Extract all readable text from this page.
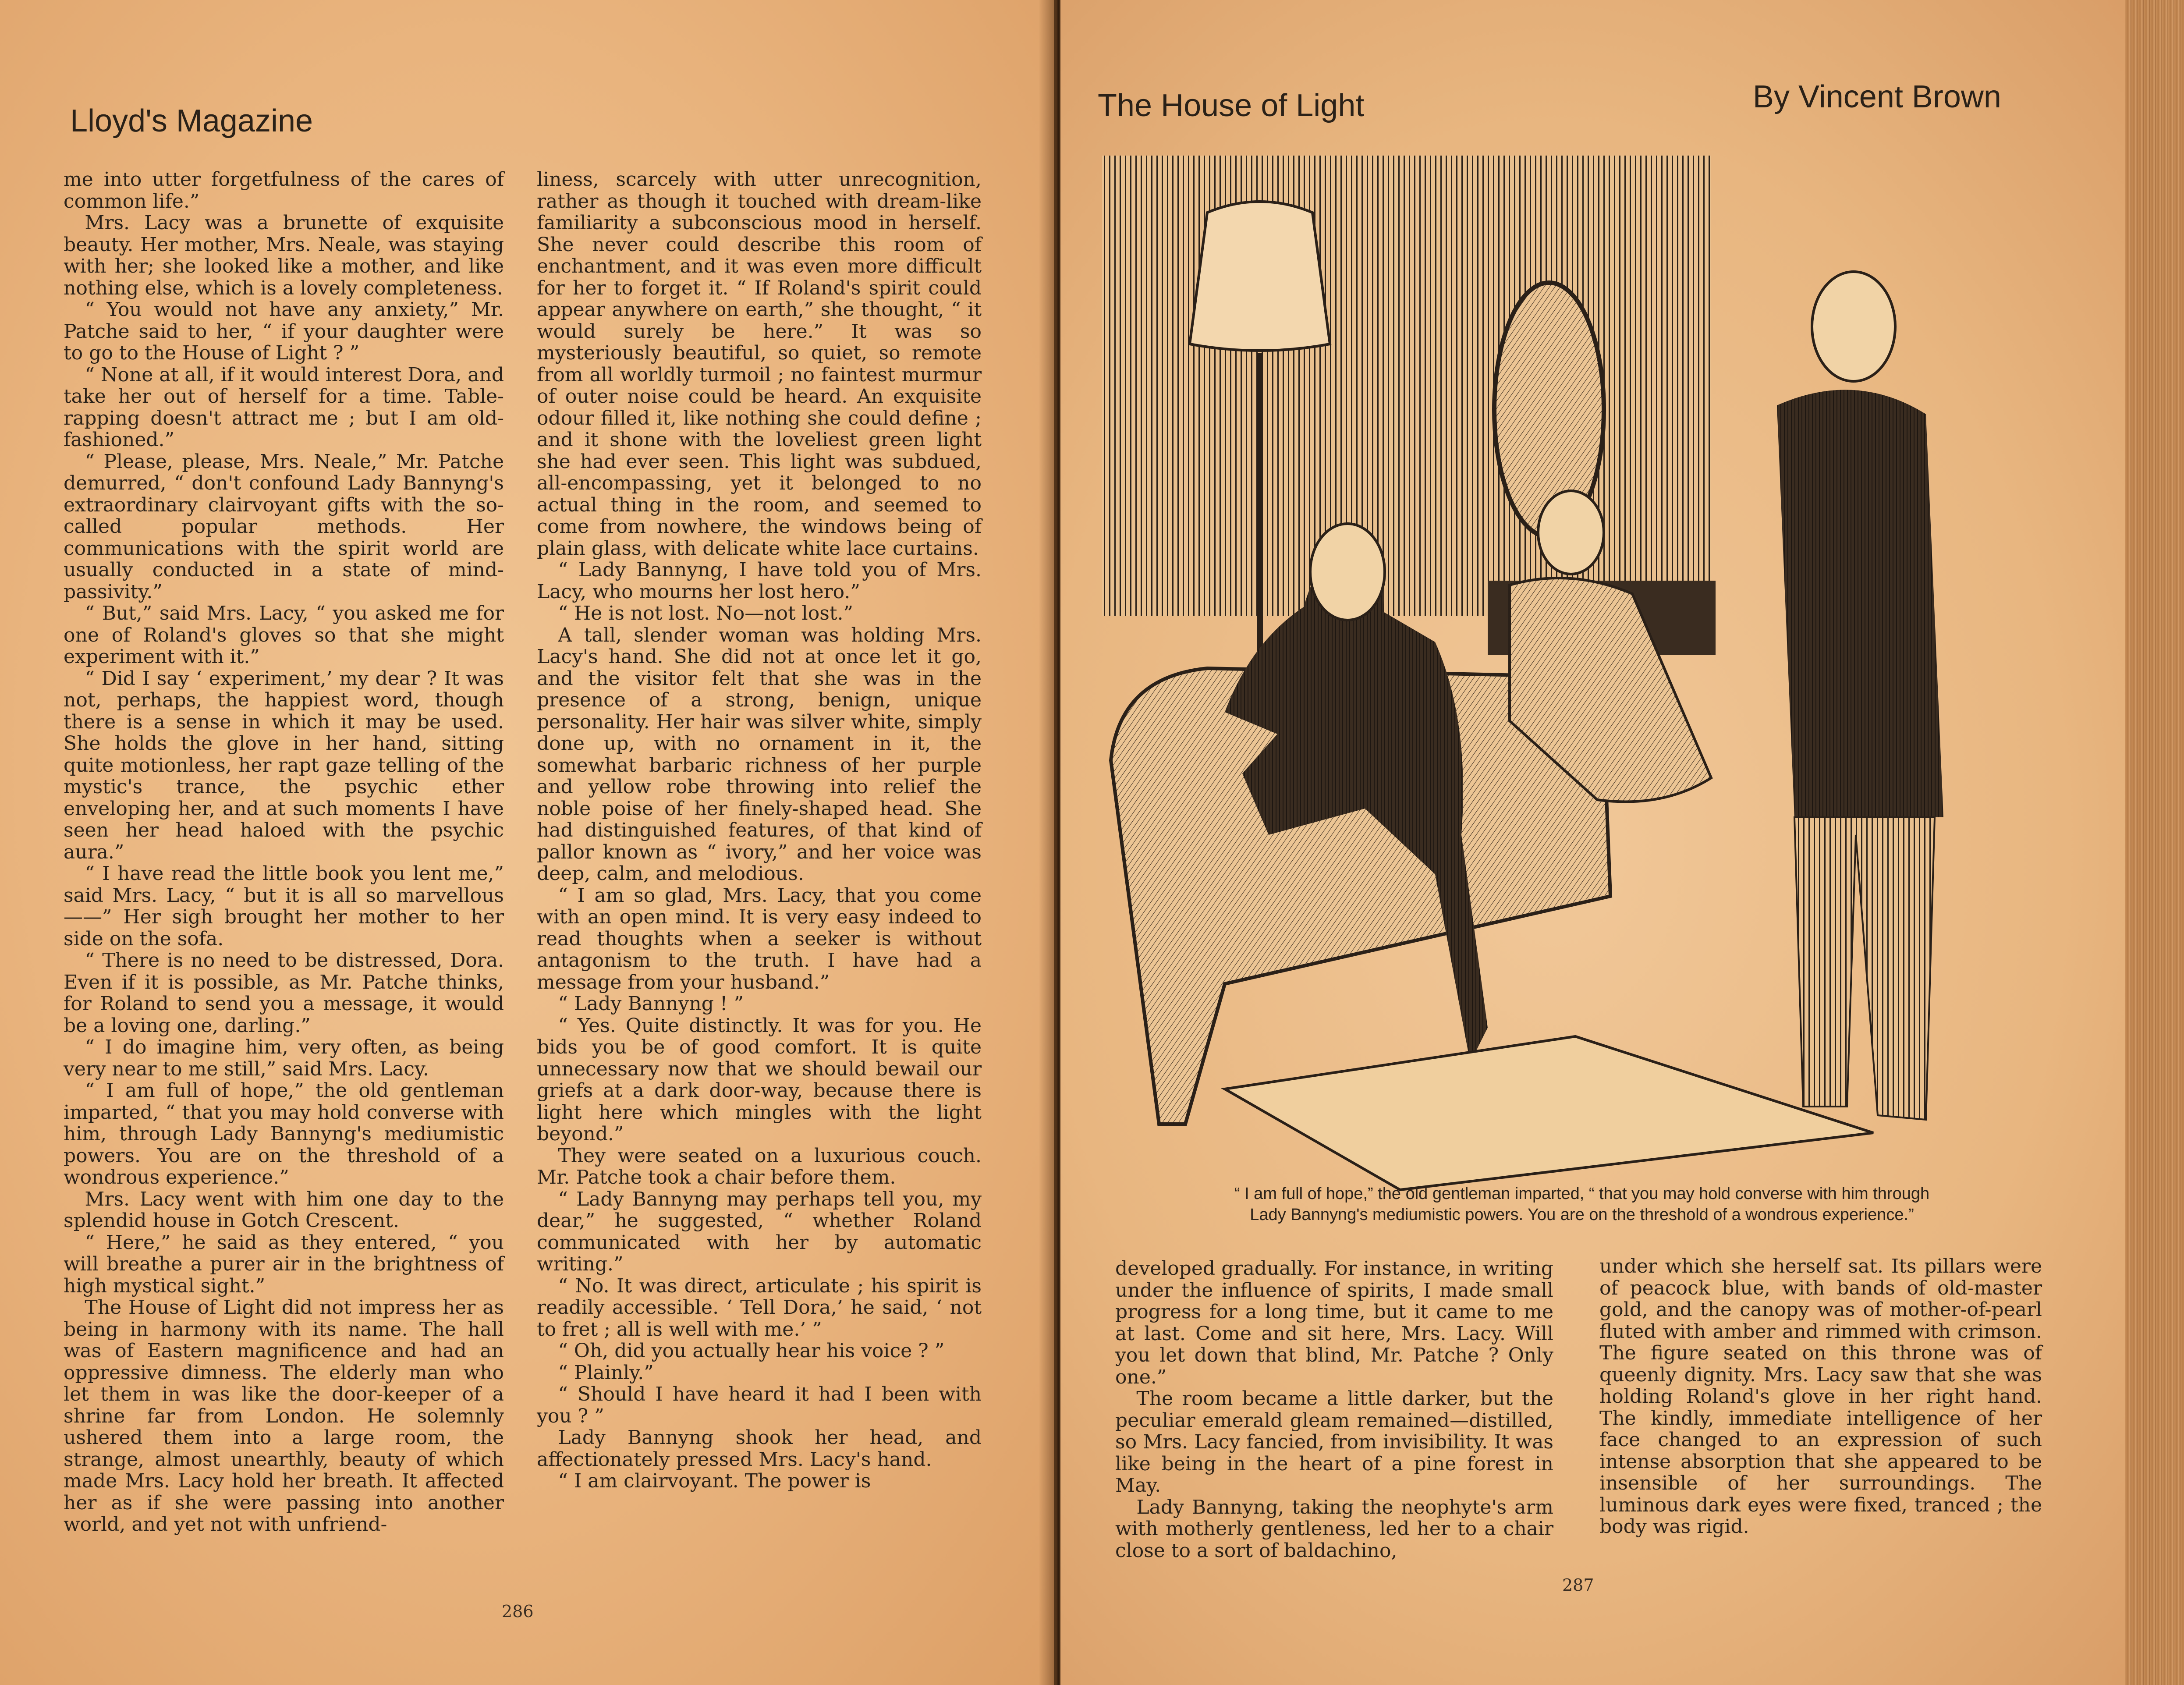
Lloyd's Magazine

me into utter forgetfulness of the cares of common life.”

Mrs. Lacy was a brunette of exquisite beauty. Her mother, Mrs. Neale, was staying with her; she looked like a mother, and like nothing else, which is a lovely completeness.

“ You would not have any anxiety,” Mr. Patche said to her, “ if your daughter were to go to the House of Light ? ”

“ None at all, if it would interest Dora, and take her out of herself for a time. Table-rapping doesn't attract me ; but I am old-fashioned.”

“ Please, please, Mrs. Neale,” Mr. Patche demurred, “ don't confound Lady Bannyng's extraordinary clairvoyant gifts with the so-called popular methods. Her communications with the spirit world are usually conducted in a state of mind-passivity.”

“ But,” said Mrs. Lacy, “ you asked me for one of Roland's gloves so that she might experiment with it.”

“ Did I say ‘ experiment,’ my dear ? It was not, perhaps, the happiest word, though there is a sense in which it may be used. She holds the glove in her hand, sitting quite motionless, her rapt gaze telling of the mystic's trance, the psychic ether enveloping her, and at such moments I have seen her head haloed with the psychic aura.”

“ I have read the little book you lent me,” said Mrs. Lacy, “ but it is all so marvellous——” Her sigh brought her mother to her side on the sofa.

“ There is no need to be distressed, Dora. Even if it is possible, as Mr. Patche thinks, for Roland to send you a message, it would be a loving one, darling.”

“ I do imagine him, very often, as being very near to me still,” said Mrs. Lacy.

“ I am full of hope,” the old gentleman imparted, “ that you may hold converse with him, through Lady Bannyng's mediumistic powers. You are on the threshold of a wondrous experience.”

Mrs. Lacy went with him one day to the splendid house in Gotch Crescent.

“ Here,” he said as they entered, “ you will breathe a purer air in the brightness of high mystical sight.”

The House of Light did not impress her as being in harmony with its name. The hall was of Eastern magnificence and had an oppressive dimness. The elderly man who let them in was like the door-keeper of a shrine far from London. He solemnly ushered them into a large room, the strange, almost unearthly, beauty of which made Mrs. Lacy hold her breath. It affected her as if she were passing into another world, and yet not with unfriend-

liness, scarcely with utter unrecognition, rather as though it touched with dream-like familiarity a subconscious mood in herself. She never could describe this room of enchantment, and it was even more difficult for her to forget it. “ If Roland's spirit could appear anywhere on earth,” she thought, “ it would surely be here.” It was so mysteriously beautiful, so quiet, so remote from all worldly turmoil ; no faintest murmur of outer noise could be heard. An exquisite odour filled it, like nothing she could define ; and it shone with the loveliest green light she had ever seen. This light was subdued, all-encompassing, yet it belonged to no actual thing in the room, and seemed to come from nowhere, the windows being of plain glass, with delicate white lace curtains.

“ Lady Bannyng, I have told you of Mrs. Lacy, who mourns her lost hero.”

“ He is not lost. No—not lost.”

A tall, slender woman was holding Mrs. Lacy's hand. She did not at once let it go, and the visitor felt that she was in the presence of a strong, benign, unique personality. Her hair was silver white, simply done up, with no ornament in it, the somewhat barbaric richness of her purple and yellow robe throwing into relief the noble poise of her finely-shaped head. She had distinguished features, of that kind of pallor known as “ ivory,” and her voice was deep, calm, and melodious.

“ I am so glad, Mrs. Lacy, that you come with an open mind. It is very easy indeed to read thoughts when a seeker is without antagonism to the truth. I have had a message from your husband.”

“ Lady Bannyng ! ”

“ Yes. Quite distinctly. It was for you. He bids you be of good comfort. It is quite unnecessary now that we should bewail our griefs at a dark door-way, because there is light here which mingles with the light beyond.”

They were seated on a luxurious couch. Mr. Patche took a chair before them.

“ Lady Bannyng may perhaps tell you, my dear,” he suggested, “ whether Roland communicated with her by automatic writing.”

“ No. It was direct, articulate ; his spirit is readily accessible. ‘ Tell Dora,’ he said, ‘ not to fret ; all is well with me.’ ”

“ Oh, did you actually hear his voice ? ”

“ Plainly.”

“ Should I have heard it had I been with you ? ”

Lady Bannyng shook her head, and affectionately pressed Mrs. Lacy's hand.

“ I am clairvoyant. The power is

286
The House of Light	By Vincent Brown

developed gradually. For instance, in writing under the influence of spirits, I made small progress for a long time, but it came to me at last. Come and sit here, Mrs. Lacy. Will you let down that blind, Mr. Patche ? Only one.”

The room became a little darker, but the peculiar emerald gleam remained—distilled, so Mrs. Lacy fancied, from invisibility. It was like being in the heart of a pine forest in May.

Lady Bannyng, taking the neophyte's arm with motherly gentleness, led her to a chair close to a sort of baldachino,

under which she herself sat. Its pillars were of peacock blue, with bands of old-master gold, and the canopy was of mother-of-pearl fluted with amber and rimmed with crimson. The figure seated on this throne was of queenly dignity. Mrs. Lacy saw that she was holding Roland's glove in her right hand. The kindly, immediate intelligence of her face changed to an expression of such intense absorption that she appeared to be insensible of her surroundings. The luminous dark eyes were fixed, tranced ; the body was rigid.

287
“ I am full of hope,” the old gentleman imparted, “ that you may hold converse with him through
Lady Bannyng's mediumistic powers. You are on the threshold of a wondrous experience.”
